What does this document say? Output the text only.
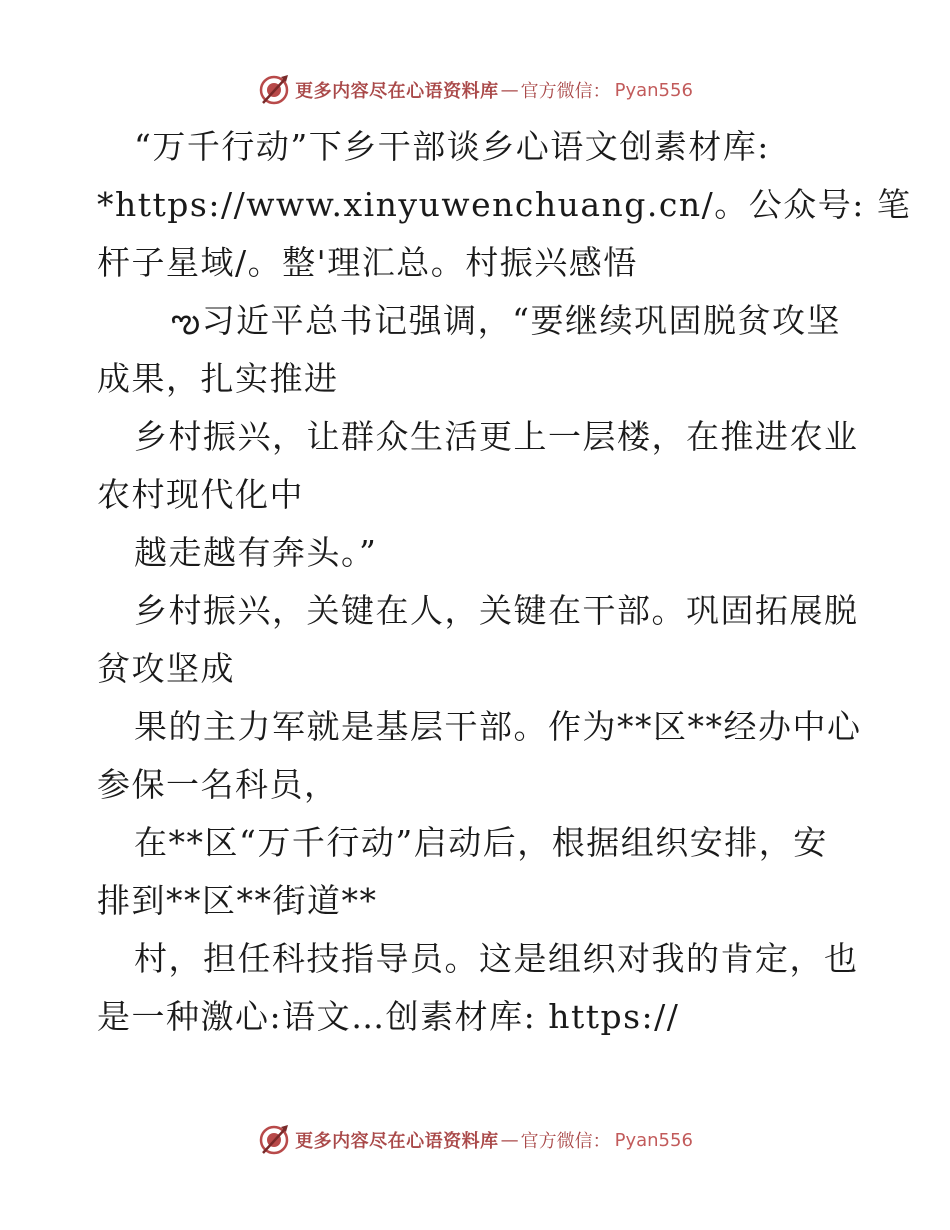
更多内容尽在心语资料库 — 官方微信： Pyan556

“万千行动”下乡干部谈乡心语文创素材库:

*https://www.xinyuwenchuang.cn/。公众号: 笔

杆子星域/。整'理汇总。村振兴感悟

ఌ习近平总书记强调，“要继续巩固脱贫攻坚

成果，扎实推进

乡村振兴，让群众生活更上一层楼，在推进农业

农村现代化中

越走越有奔头。”

乡村振兴，关键在人，关键在干部。巩固拓展脱

贫攻坚成

果的主力军就是基层干部。作为**区**经办中心

参保一名科员，

在**区“万千行动”启动后，根据组织安排，安

排到**区**街道**

村，担任科技指导员。这是组织对我的肯定，也

是一种激心:语文…创素材库: https://

更多内容尽在心语资料库 — 官方微信： Pyan556
